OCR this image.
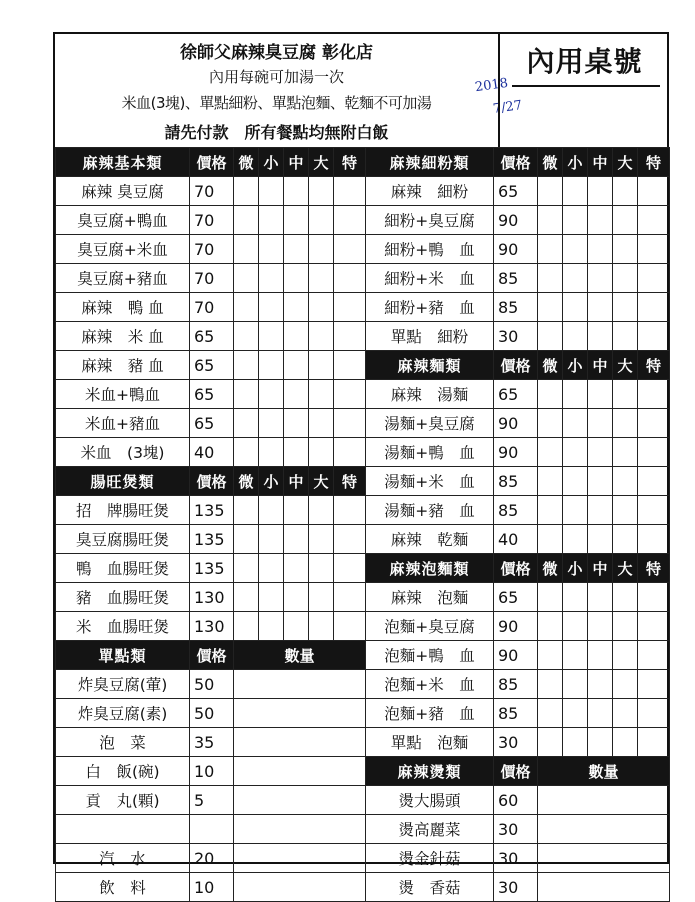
徐師父麻辣臭豆腐 彰化店
內用每碗可加湯一次
米血(3塊)、單點細粉、單點泡麵、乾麵不可加湯
請先付款　所有餐點均無附白飯
2018
7/27
內用桌號
麻辣基本類	價格	微	小	中	大	特
麻辣 臭豆腐	70					
臭豆腐+鴨血	70					
臭豆腐+米血	70					
臭豆腐+豬血	70					
麻辣　鴨 血	70					
麻辣　米 血	65					
麻辣　豬 血	65					
米血+鴨血	65					
米血+豬血	65					
米血　(3塊)	40					
腸旺煲類	價格	微	小	中	大	特
招　牌腸旺煲	135					
臭豆腐腸旺煲	135					
鴨　血腸旺煲	135					
豬　血腸旺煲	130					
米　血腸旺煲	130					
單點類	價格	數量				
炸臭豆腐(葷)	50					
炸臭豆腐(素)	50					
泡　菜	35					
白　飯(碗)	10					
貢　丸(顆)	5					

汽　水	20					
飲　料	10					
麻辣細粉類	價格	微	小	中	大	特
麻辣　細粉	65					
細粉+臭豆腐	90					
細粉+鴨　血	90					
細粉+米　血	85					
細粉+豬　血	85					
單點　細粉	30					
麻辣麵類	價格	微	小	中	大	特
麻辣　湯麵	65					
湯麵+臭豆腐	90					
湯麵+鴨　血	90					
湯麵+米　血	85					
湯麵+豬　血	85					
麻辣　乾麵	40					
麻辣泡麵類	價格	微	小	中	大	特
麻辣　泡麵	65					
泡麵+臭豆腐	90					
泡麵+鴨　血	90					
泡麵+米　血	85					
泡麵+豬　血	85					
單點　泡麵	30					
麻辣燙類	價格	數量				
燙大腸頭	60					
燙高麗菜	30					
燙金針菇	30					
燙　香菇	30					
